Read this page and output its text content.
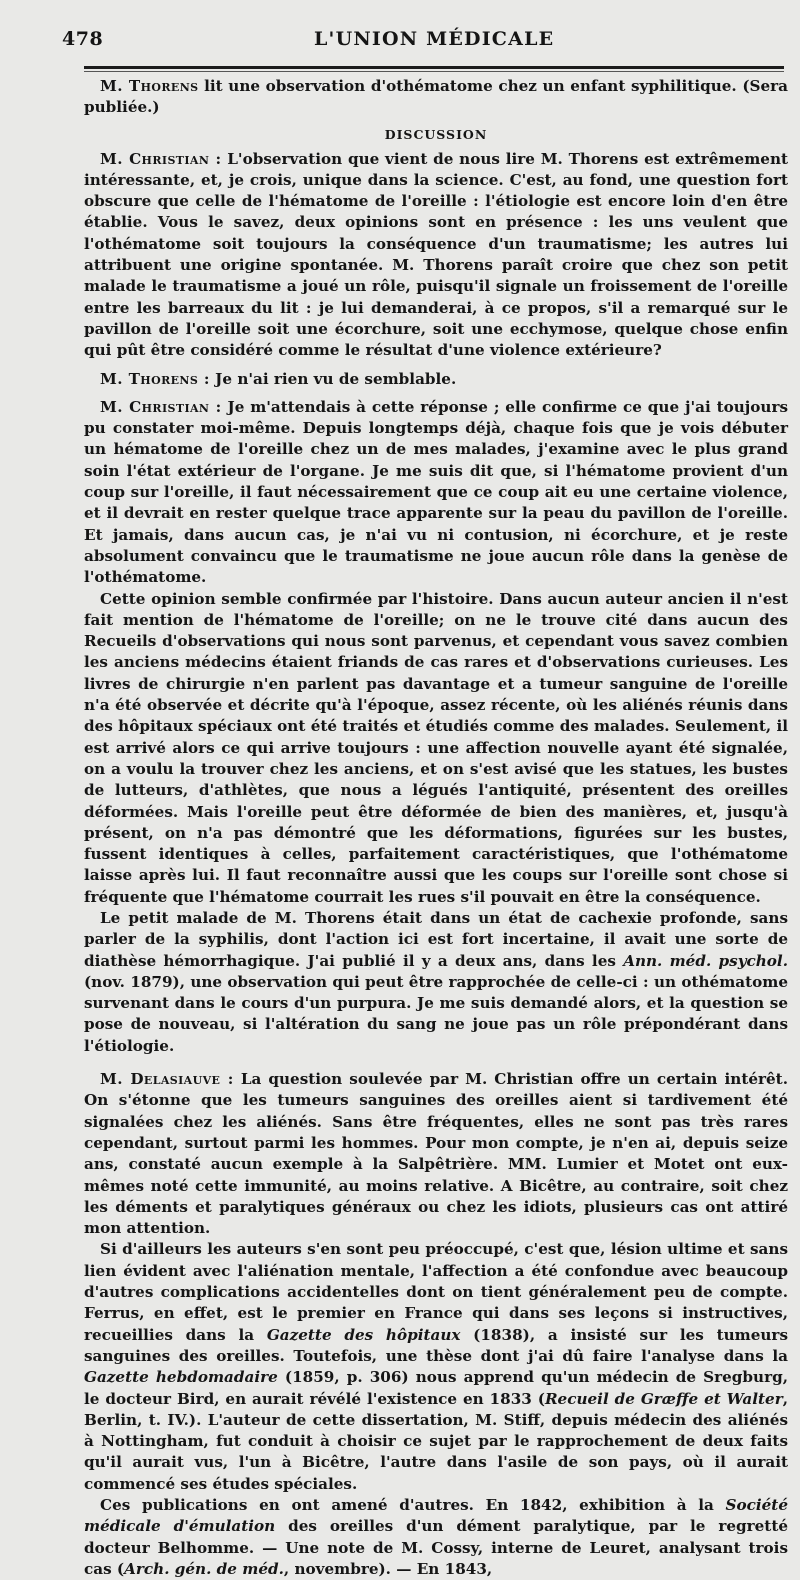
478	L'UNION MÉDICALE

M. Thorens lit une observation d'othématome chez un enfant syphilitique. (Sera publiée.)

DISCUSSION

M. Christian : L'observation que vient de nous lire M. Thorens est extrêmement intéressante, et, je crois, unique dans la science. C'est, au fond, une question fort obscure que celle de l'hématome de l'oreille : l'étiologie est encore loin d'en être établie. Vous le savez, deux opinions sont en présence : les uns veulent que l'othématome soit toujours la conséquence d'un traumatisme; les autres lui attribuent une origine spontanée. M. Thorens paraît croire que chez son petit malade le traumatisme a joué un rôle, puisqu'il signale un froissement de l'oreille entre les barreaux du lit : je lui demanderai, à ce propos, s'il a remarqué sur le pavillon de l'oreille soit une écorchure, soit une ecchymose, quelque chose enfin qui pût être considéré comme le résultat d'une violence extérieure?

M. Thorens : Je n'ai rien vu de semblable.

M. Christian : Je m'attendais à cette réponse ; elle confirme ce que j'ai toujours pu constater moi-même. Depuis longtemps déjà, chaque fois que je vois débuter un hématome de l'oreille chez un de mes malades, j'examine avec le plus grand soin l'état extérieur de l'organe. Je me suis dit que, si l'hématome provient d'un coup sur l'oreille, il faut nécessairement que ce coup ait eu une certaine violence, et il devrait en rester quelque trace apparente sur la peau du pavillon de l'oreille. Et jamais, dans aucun cas, je n'ai vu ni contusion, ni écorchure, et je reste absolument convaincu que le traumatisme ne joue aucun rôle dans la genèse de l'othématome.

Cette opinion semble confirmée par l'histoire. Dans aucun auteur ancien il n'est fait mention de l'hématome de l'oreille; on ne le trouve cité dans aucun des Recueils d'observations qui nous sont parvenus, et cependant vous savez combien les anciens médecins étaient friands de cas rares et d'observations curieuses. Les livres de chirurgie n'en parlent pas davantage et a tumeur sanguine de l'oreille n'a été observée et décrite qu'à l'époque, assez récente, où les aliénés réunis dans des hôpitaux spéciaux ont été traités et étudiés comme des malades. Seulement, il est arrivé alors ce qui arrive toujours : une affection nouvelle ayant été signalée, on a voulu la trouver chez les anciens, et on s'est avisé que les statues, les bustes de lutteurs, d'athlètes, que nous a légués l'antiquité, présentent des oreilles déformées. Mais l'oreille peut être déformée de bien des manières, et, jusqu'à présent, on n'a pas démontré que les déformations, figurées sur les bustes, fussent identiques à celles, parfaitement caractéristiques, que l'othématome laisse après lui. Il faut reconnaître aussi que les coups sur l'oreille sont chose si fréquente que l'hématome courrait les rues s'il pouvait en être la conséquence.

Le petit malade de M. Thorens était dans un état de cachexie profonde, sans parler de la syphilis, dont l'action ici est fort incertaine, il avait une sorte de diathèse hémorrhagique. J'ai publié il y a deux ans, dans les Ann. méd. psychol. (nov. 1879), une observation qui peut être rapprochée de celle-ci : un othématome survenant dans le cours d'un purpura. Je me suis demandé alors, et la question se pose de nouveau, si l'altération du sang ne joue pas un rôle prépondérant dans l'étiologie.

M. Delasiauve : La question soulevée par M. Christian offre un certain intérêt. On s'étonne que les tumeurs sanguines des oreilles aient si tardivement été signalées chez les aliénés. Sans être fréquentes, elles ne sont pas très rares cependant, surtout parmi les hommes. Pour mon compte, je n'en ai, depuis seize ans, constaté aucun exemple à la Salpêtrière. MM. Lumier et Motet ont eux-mêmes noté cette immunité, au moins relative. A Bicêtre, au contraire, soit chez les déments et paralytiques généraux ou chez les idiots, plusieurs cas ont attiré mon attention.

Si d'ailleurs les auteurs s'en sont peu préoccupé, c'est que, lésion ultime et sans lien évident avec l'aliénation mentale, l'affection a été confondue avec beaucoup d'autres complications accidentelles dont on tient généralement peu de compte. Ferrus, en effet, est le premier en France qui dans ses leçons si instructives, recueillies dans la Gazette des hôpitaux (1838), a insisté sur les tumeurs sanguines des oreilles. Toutefois, une thèse dont j'ai dû faire l'analyse dans la Gazette hebdomadaire (1859, p. 306) nous apprend qu'un médecin de Sregburg, le docteur Bird, en aurait révélé l'existence en 1833 (Recueil de Græffe et Walter, Berlin, t. IV.). L'auteur de cette dissertation, M. Stiff, depuis médecin des aliénés à Nottingham, fut conduit à choisir ce sujet par le rapprochement de deux faits qu'il aurait vus, l'un à Bicêtre, l'autre dans l'asile de son pays, où il aurait commencé ses études spéciales.

Ces publications en ont amené d'autres. En 1842, exhibition à la Société médicale d'émulation des oreilles d'un dément paralytique, par le regretté docteur Belhomme. — Une note de M. Cossy, interne de Leuret, analysant trois cas (Arch. gén. de méd., novembre). — En 1843,
